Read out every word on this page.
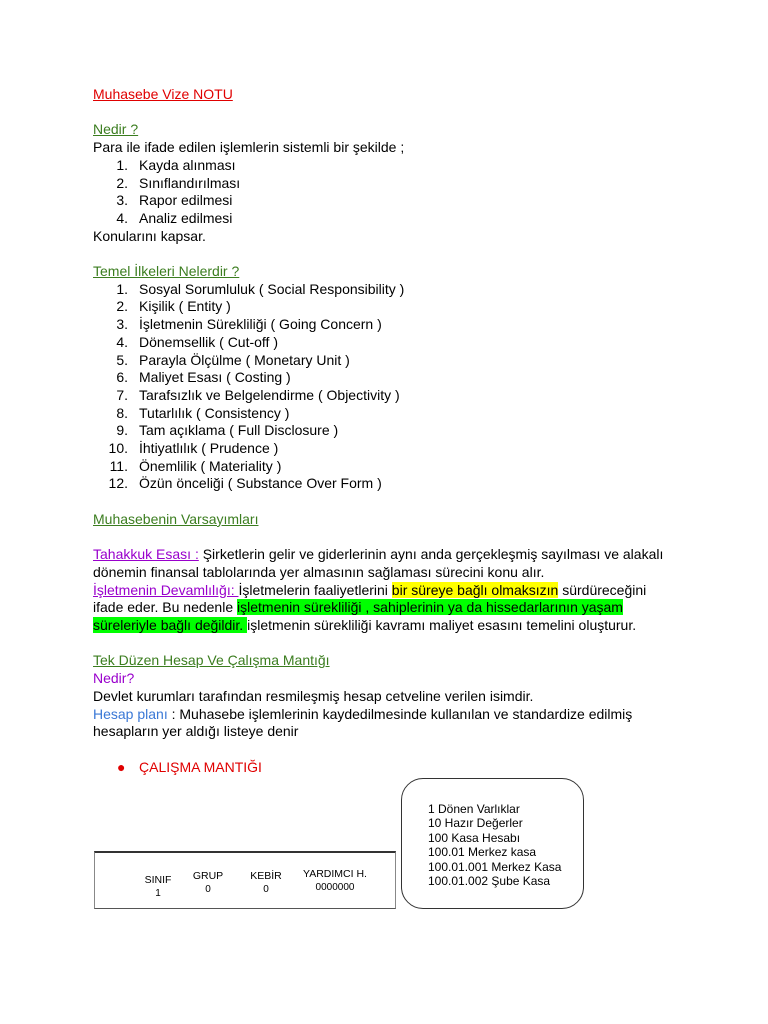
Muhasebe Vize NOTU

Nedir ?

Para ile ifade edilen işlemlerin sistemli bir şekilde ;

1. Kayda alınması
2. Sınıflandırılması
3. Rapor edilmesi
4. Analiz edilmesi

Konularını kapsar.

Temel İlkeleri Nelerdir ?

1. Sosyal Sorumluluk ( Social Responsibility )
2. Kişilik ( Entity )
3. İşletmenin Sürekliliği ( Going Concern )
4. Dönemsellik ( Cut-off )
5. Parayla Ölçülme ( Monetary Unit )
6. Maliyet Esası ( Costing )
7. Tarafsızlık ve Belgelendirme ( Objectivity )
8. Tutarlılık ( Consistency )
9. Tam açıklama ( Full Disclosure )
10. İhtiyatlılık ( Prudence )
11. Önemlilik ( Materiality )
12. Özün önceliği ( Substance Over Form )

Muhasebenin Varsayımları

Tahakkuk Esası : Şirketlerin gelir ve giderlerinin aynı anda gerçekleşmiş sayılması ve alakalı

dönemin finansal tablolarında yer almasının sağlaması sürecini konu alır.

İşletmenin Devamlılığı: İşletmelerin faaliyetlerini bir süreye bağlı olmaksızın sürdüreceğini

ifade eder. Bu nedenle işletmenin sürekliliği , sahiplerinin ya da hissedarlarının yaşam

süreleriyle bağlı değildir. işletmenin sürekliliği kavramı maliyet esasını temelini oluşturur.

Tek Düzen Hesap Ve Çalışma Mantığı

Nedir?

Devlet kurumları tarafından resmileşmiş hesap cetveline verilen isimdir.

Hesap planı : Muhasebe işlemlerinin kaydedilmesinde kullanılan ve standardize edilmiş

hesapların yer aldığı listeye denir

● ÇALIŞMA MANTIĞI

SINIF
1
GRUP
0
KEBİR
0
YARDIMCI H.
0000000
1 Dönen Varlıklar
10 Hazır Değerler
100 Kasa Hesabı
100.01 Merkez kasa
100.01.001 Merkez Kasa
100.01.002 Şube Kasa
